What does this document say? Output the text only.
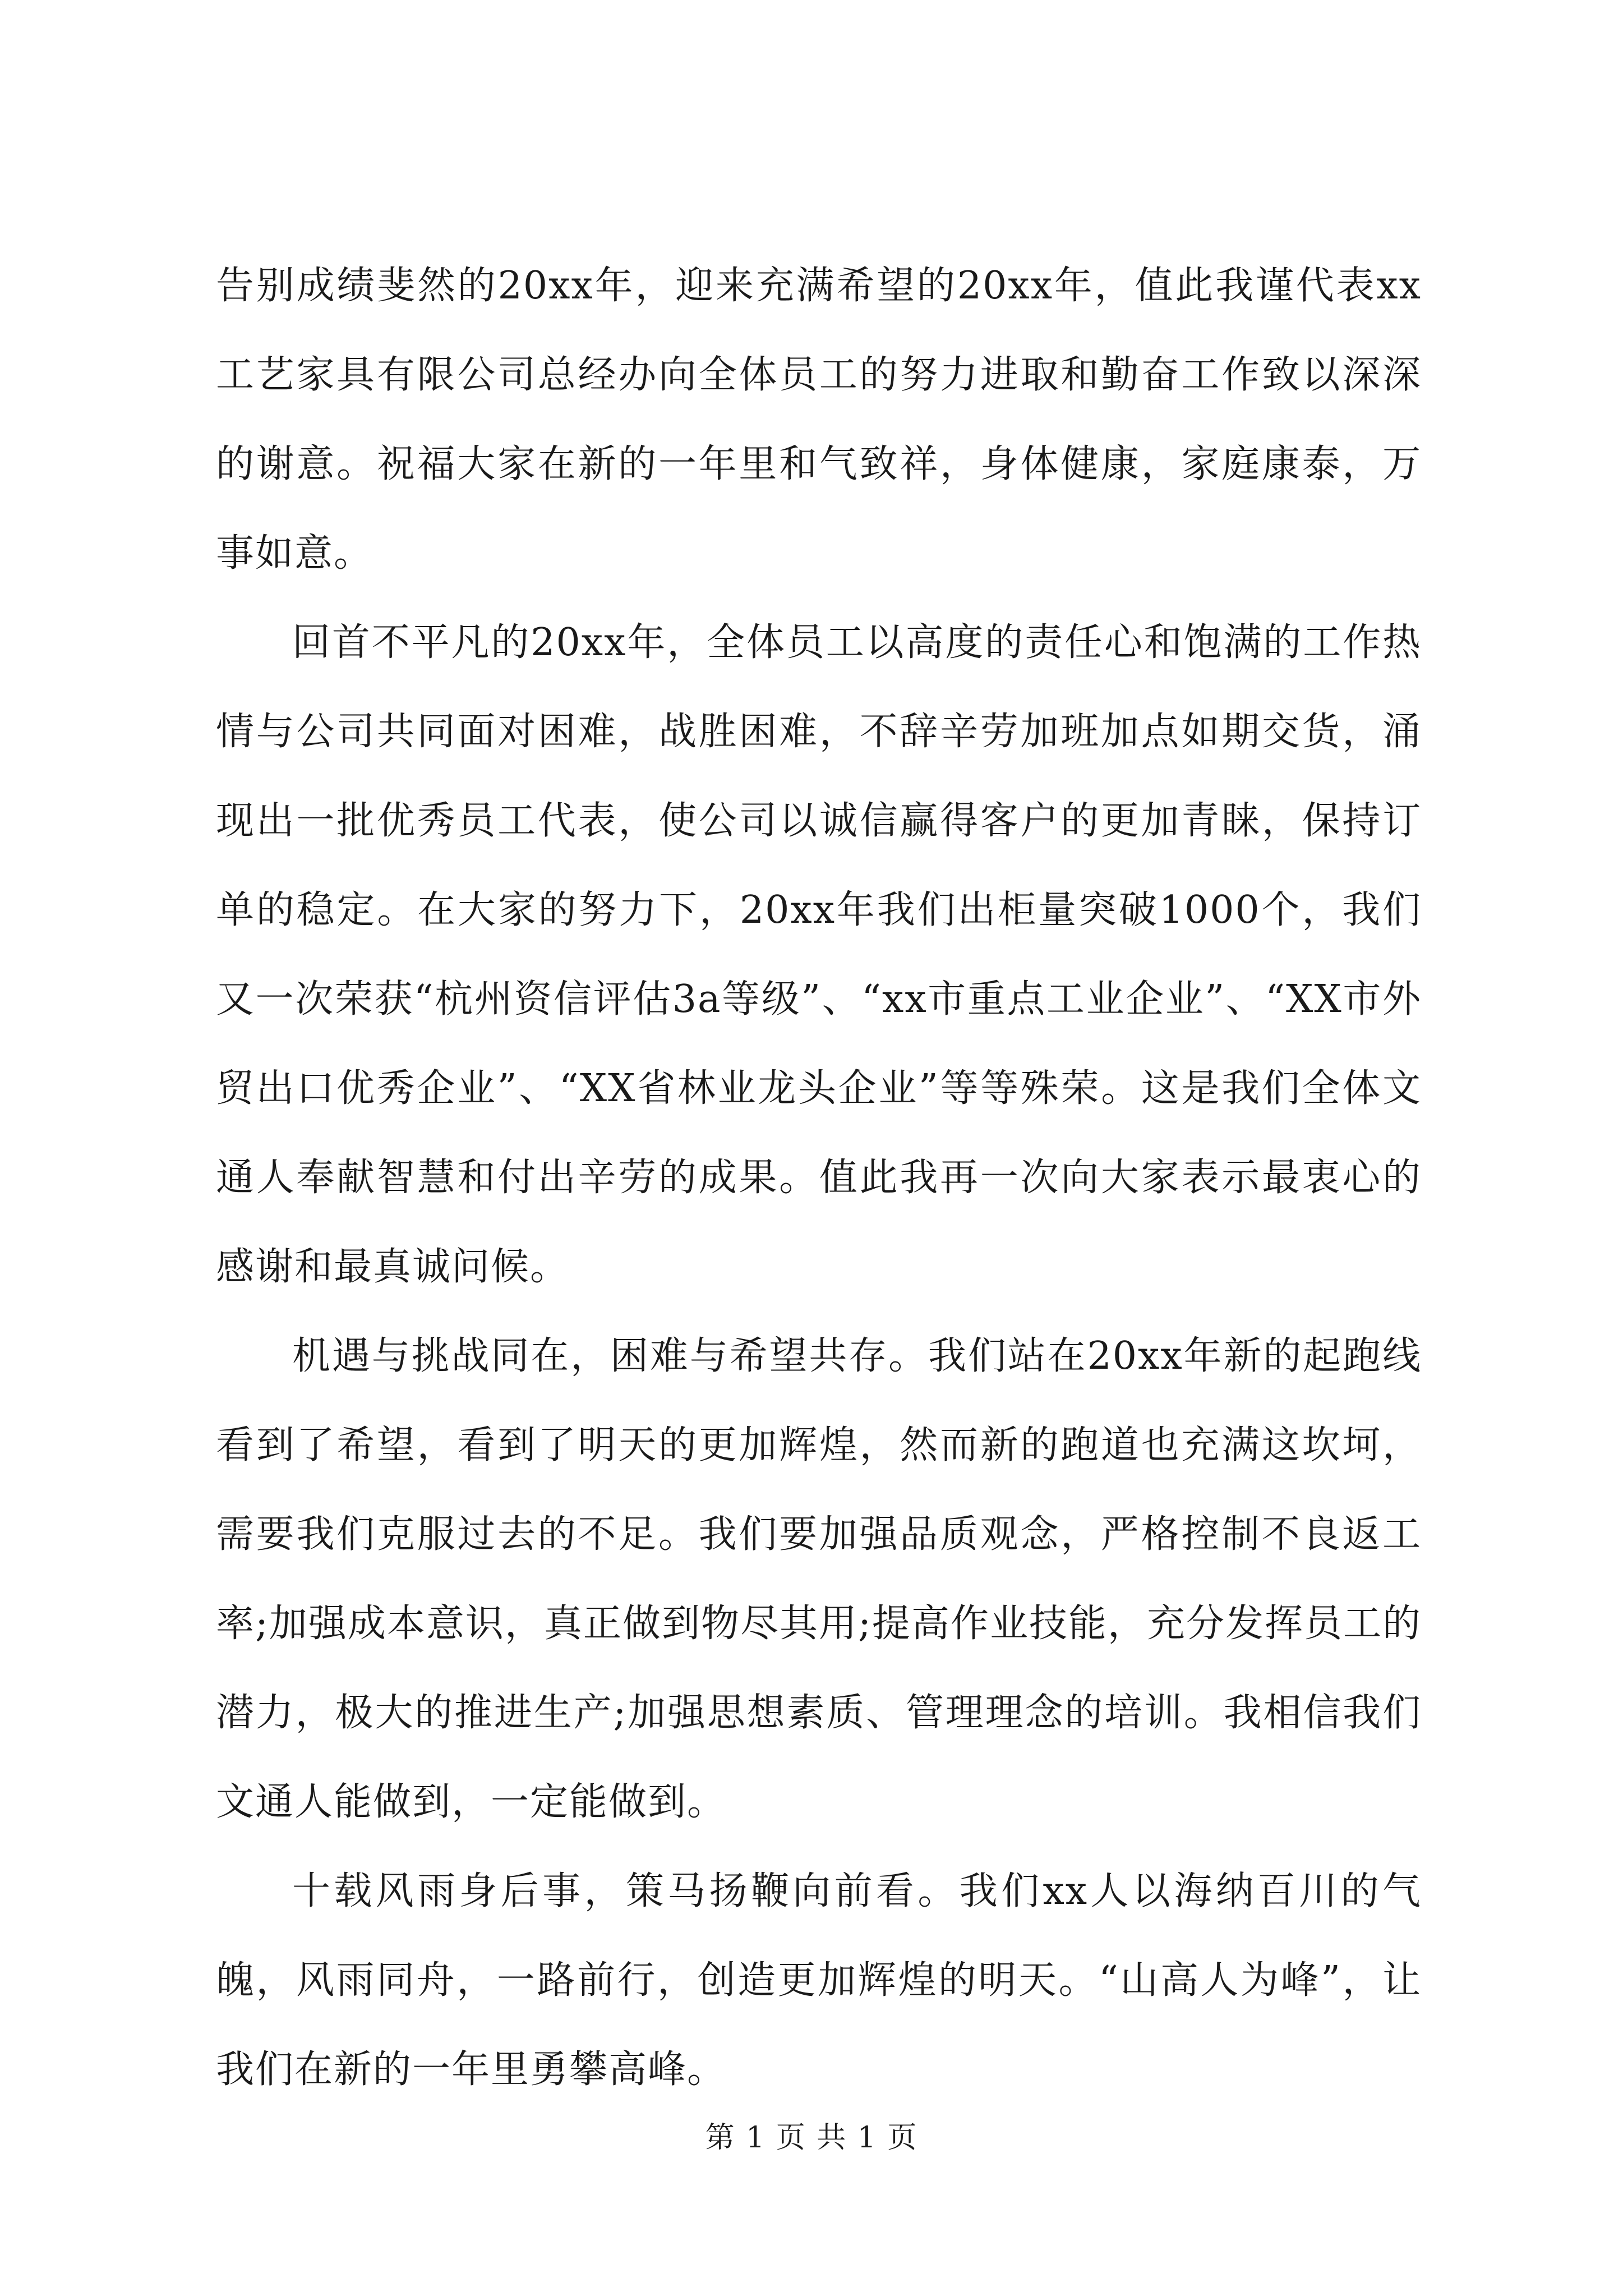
告别成绩斐然的20xx年，迎来充满希望的20xx年，值此我谨代表xx工艺家具有限公司总经办向全体员工的努力进取和勤奋工作致以深深的谢意。祝福大家在新的一年里和气致祥，身体健康，家庭康泰，万事如意。

回首不平凡的20xx年，全体员工以高度的责任心和饱满的工作热情与公司共同面对困难，战胜困难，不辞辛劳加班加点如期交货，涌现出一批优秀员工代表，使公司以诚信赢得客户的更加青睐，保持订单的稳定。在大家的努力下，20xx年我们出柜量突破1000个，我们又一次荣获“杭州资信评估3a等级”、“xx市重点工业企业”、“XX市外贸出口优秀企业”、“XX省林业龙头企业”等等殊荣。这是我们全体文通人奉献智慧和付出辛劳的成果。值此我再一次向大家表示最衷心的感谢和最真诚问候。

机遇与挑战同在，困难与希望共存。我们站在20xx年新的起跑线看到了希望，看到了明天的更加辉煌，然而新的跑道也充满这坎坷，需要我们克服过去的不足。我们要加强品质观念，严格控制不良返工率;加强成本意识，真正做到物尽其用;提高作业技能，充分发挥员工的潜力，极大的推进生产;加强思想素质、管理理念的培训。我相信我们文通人能做到，一定能做到。

十载风雨身后事，策马扬鞭向前看。我们xx人以海纳百川的气魄，风雨同舟，一路前行，创造更加辉煌的明天。“山高人为峰”，让我们在新的一年里勇攀高峰。

第 1 页 共 1 页
